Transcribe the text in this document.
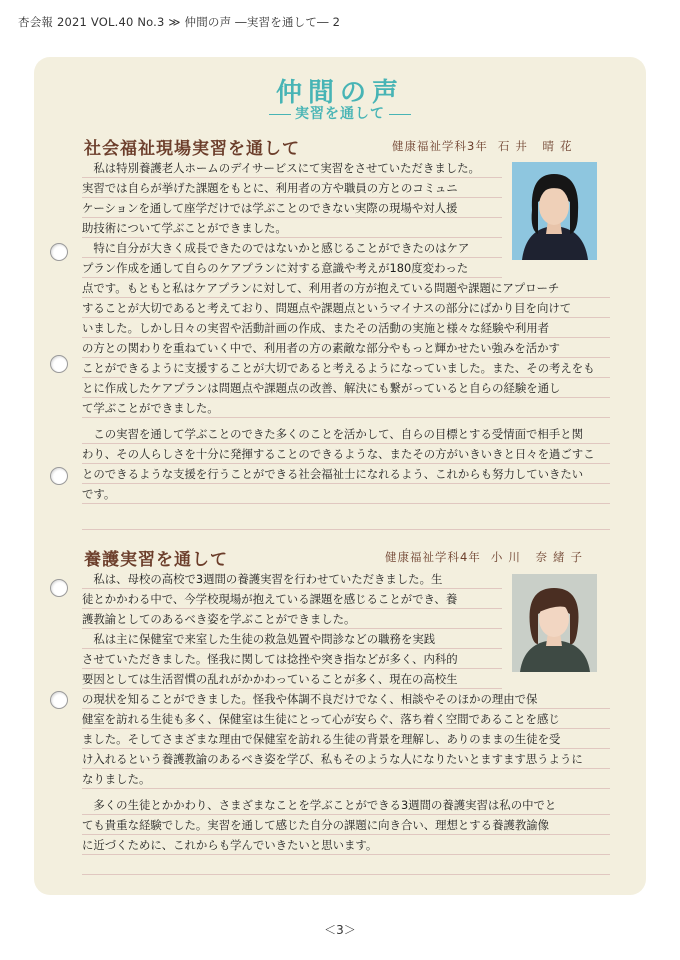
杏会報 2021 VOL.40 No.3 ≫ 仲間の声 ―実習を通して― 2
仲間の声
実習を通して
社会福祉現場実習を通して	健康福祉学科3年 石井 晴花
　私は特別養護老人ホームのデイサービスにて実習をさせていただきました。
実習では自らが挙げた課題をもとに、利用者の方や職員の方とのコミュニ
ケーションを通して座学だけでは学ぶことのできない実際の現場や対人援
助技術について学ぶことができました。
　特に自分が大きく成長できたのではないかと感じることができたのはケア
プラン作成を通して自らのケアプランに対する意識や考えが180度変わった
点です。もともと私はケアプランに対して、利用者の方が抱えている問題や課題にアプローチ
することが大切であると考えており、問題点や課題点というマイナスの部分にばかり目を向けて
いました。しかし日々の実習や活動計画の作成、またその活動の実施と様々な経験や利用者
の方との関わりを重ねていく中で、利用者の方の素敵な部分やもっと輝かせたい強みを活かす
ことができるように支援することが大切であると考えるようになっていました。また、その考えをも
とに作成したケアプランは問題点や課題点の改善、解決にも繋がっていると自らの経験を通し
て学ぶことができました。
　この実習を通して学ぶことのできた多くのことを活かして、自らの目標とする受情面で相手と関
わり、その人らしさを十分に発揮することのできるような、またその方がいきいきと日々を過ごすこ
とのできるような支援を行うことができる社会福祉士になれるよう、これからも努力していきたい
です。
養護実習を通して	健康福祉学科4年 小川 奈緒子
　私は、母校の高校で3週間の養護実習を行わせていただきました。生
徒とかかわる中で、今学校現場が抱えている課題を感じることができ、養
護教諭としてのあるべき姿を学ぶことができました。
　私は主に保健室で来室した生徒の救急処置や問診などの職務を実践
させていただきました。怪我に関しては捻挫や突き指などが多く、内科的
要因としては生活習慣の乱れがかかわっていることが多く、現在の高校生
の現状を知ることができました。怪我や体調不良だけでなく、相談やそのほかの理由で保
健室を訪れる生徒も多く、保健室は生徒にとって心が安らぐ、落ち着く空間であることを感じ
ました。そしてさまざまな理由で保健室を訪れる生徒の背景を理解し、ありのままの生徒を受
け入れるという養護教諭のあるべき姿を学び、私もそのような人になりたいとますます思うように
なりました。
　多くの生徒とかかわり、さまざまなことを学ぶことができる3週間の養護実習は私の中でと
ても貴重な経験でした。実習を通して感じた自分の課題に向き合い、理想とする養護教諭像
に近づくために、これからも学んでいきたいと思います。
＜3＞
